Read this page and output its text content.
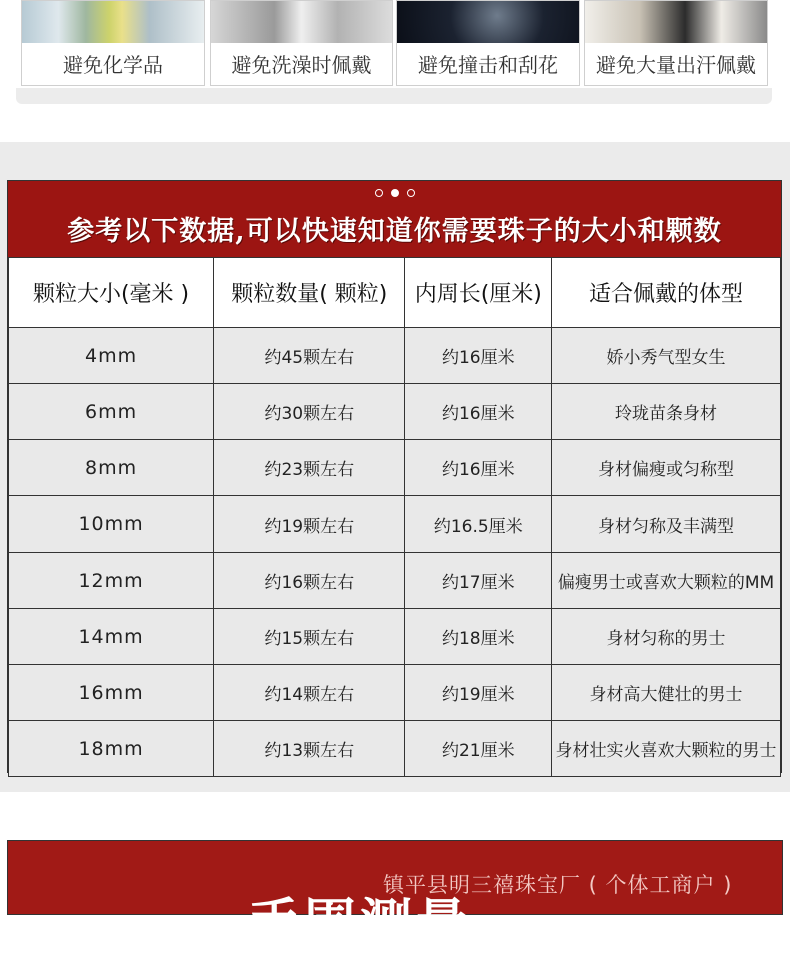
避免化学品	避免洗澡时佩戴	避免撞击和刮花	避免大量出汗佩戴

参考以下数据,可以快速知道你需要珠子的大小和颗数
颗粒大小(毫米 )	颗粒数量( 颗粒)	内周长(厘米)	适合佩戴的体型
4mm	约45颗左右	约16厘米	娇小秀气型女生
6mm	约30颗左右	约16厘米	玲珑苗条身材
8mm	约23颗左右	约16厘米	身材偏瘦或匀称型
10mm	约19颗左右	约16.5厘米	身材匀称及丰满型
12mm	约16颗左右	约17厘米	偏瘦男士或喜欢大颗粒的MM
14mm	约15颗左右	约18厘米	身材匀称的男士
16mm	约14颗左右	约19厘米	身材高大健壮的男士
18mm	约13颗左右	约21厘米	身材壮实火喜欢大颗粒的男士
镇平县明三禧珠宝厂 ( 个体工商户 )
手围测量
